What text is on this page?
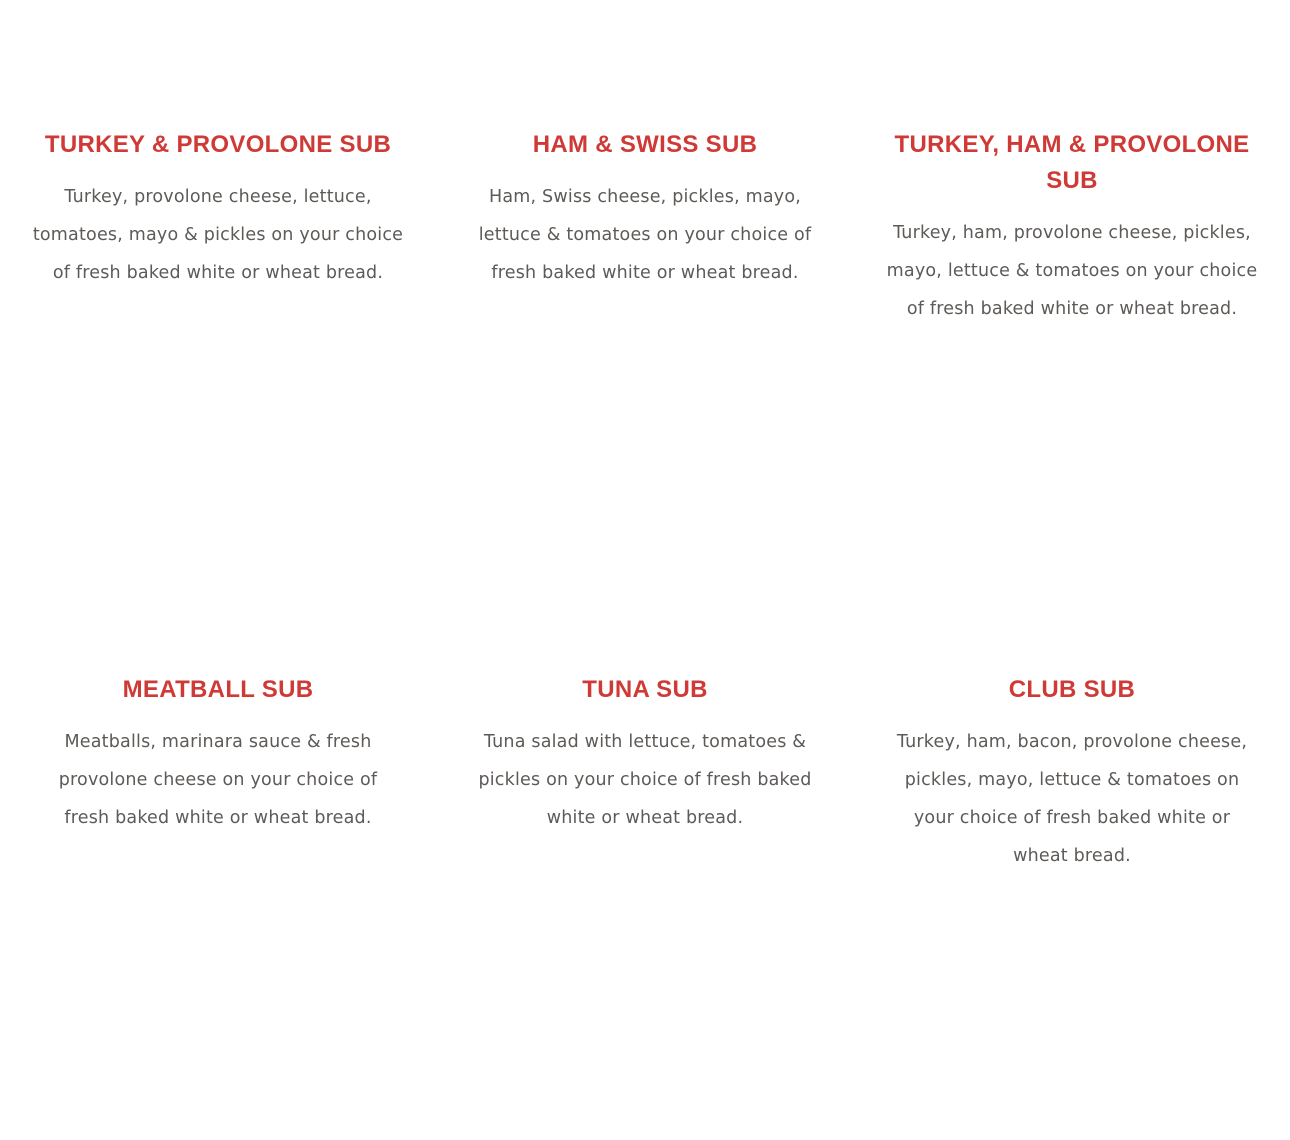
TURKEY & PROVOLONE SUB

Turkey, provolone cheese, lettuce, tomatoes, mayo & pickles on your choice of fresh baked white or wheat bread.

HAM & SWISS SUB

Ham, Swiss cheese, pickles, mayo, lettuce & tomatoes on your choice of fresh baked white or wheat bread.

TURKEY, HAM & PROVOLONE SUB

Turkey, ham, provolone cheese, pickles, mayo, lettuce & tomatoes on your choice of fresh baked white or wheat bread.

MEATBALL SUB

Meatballs, marinara sauce & fresh provolone cheese on your choice of fresh baked white or wheat bread.

TUNA SUB

Tuna salad with lettuce, tomatoes & pickles on your choice of fresh baked white or wheat bread.

CLUB SUB

Turkey, ham, bacon, provolone cheese, pickles, mayo, lettuce & tomatoes on your choice of fresh baked white or wheat bread.
